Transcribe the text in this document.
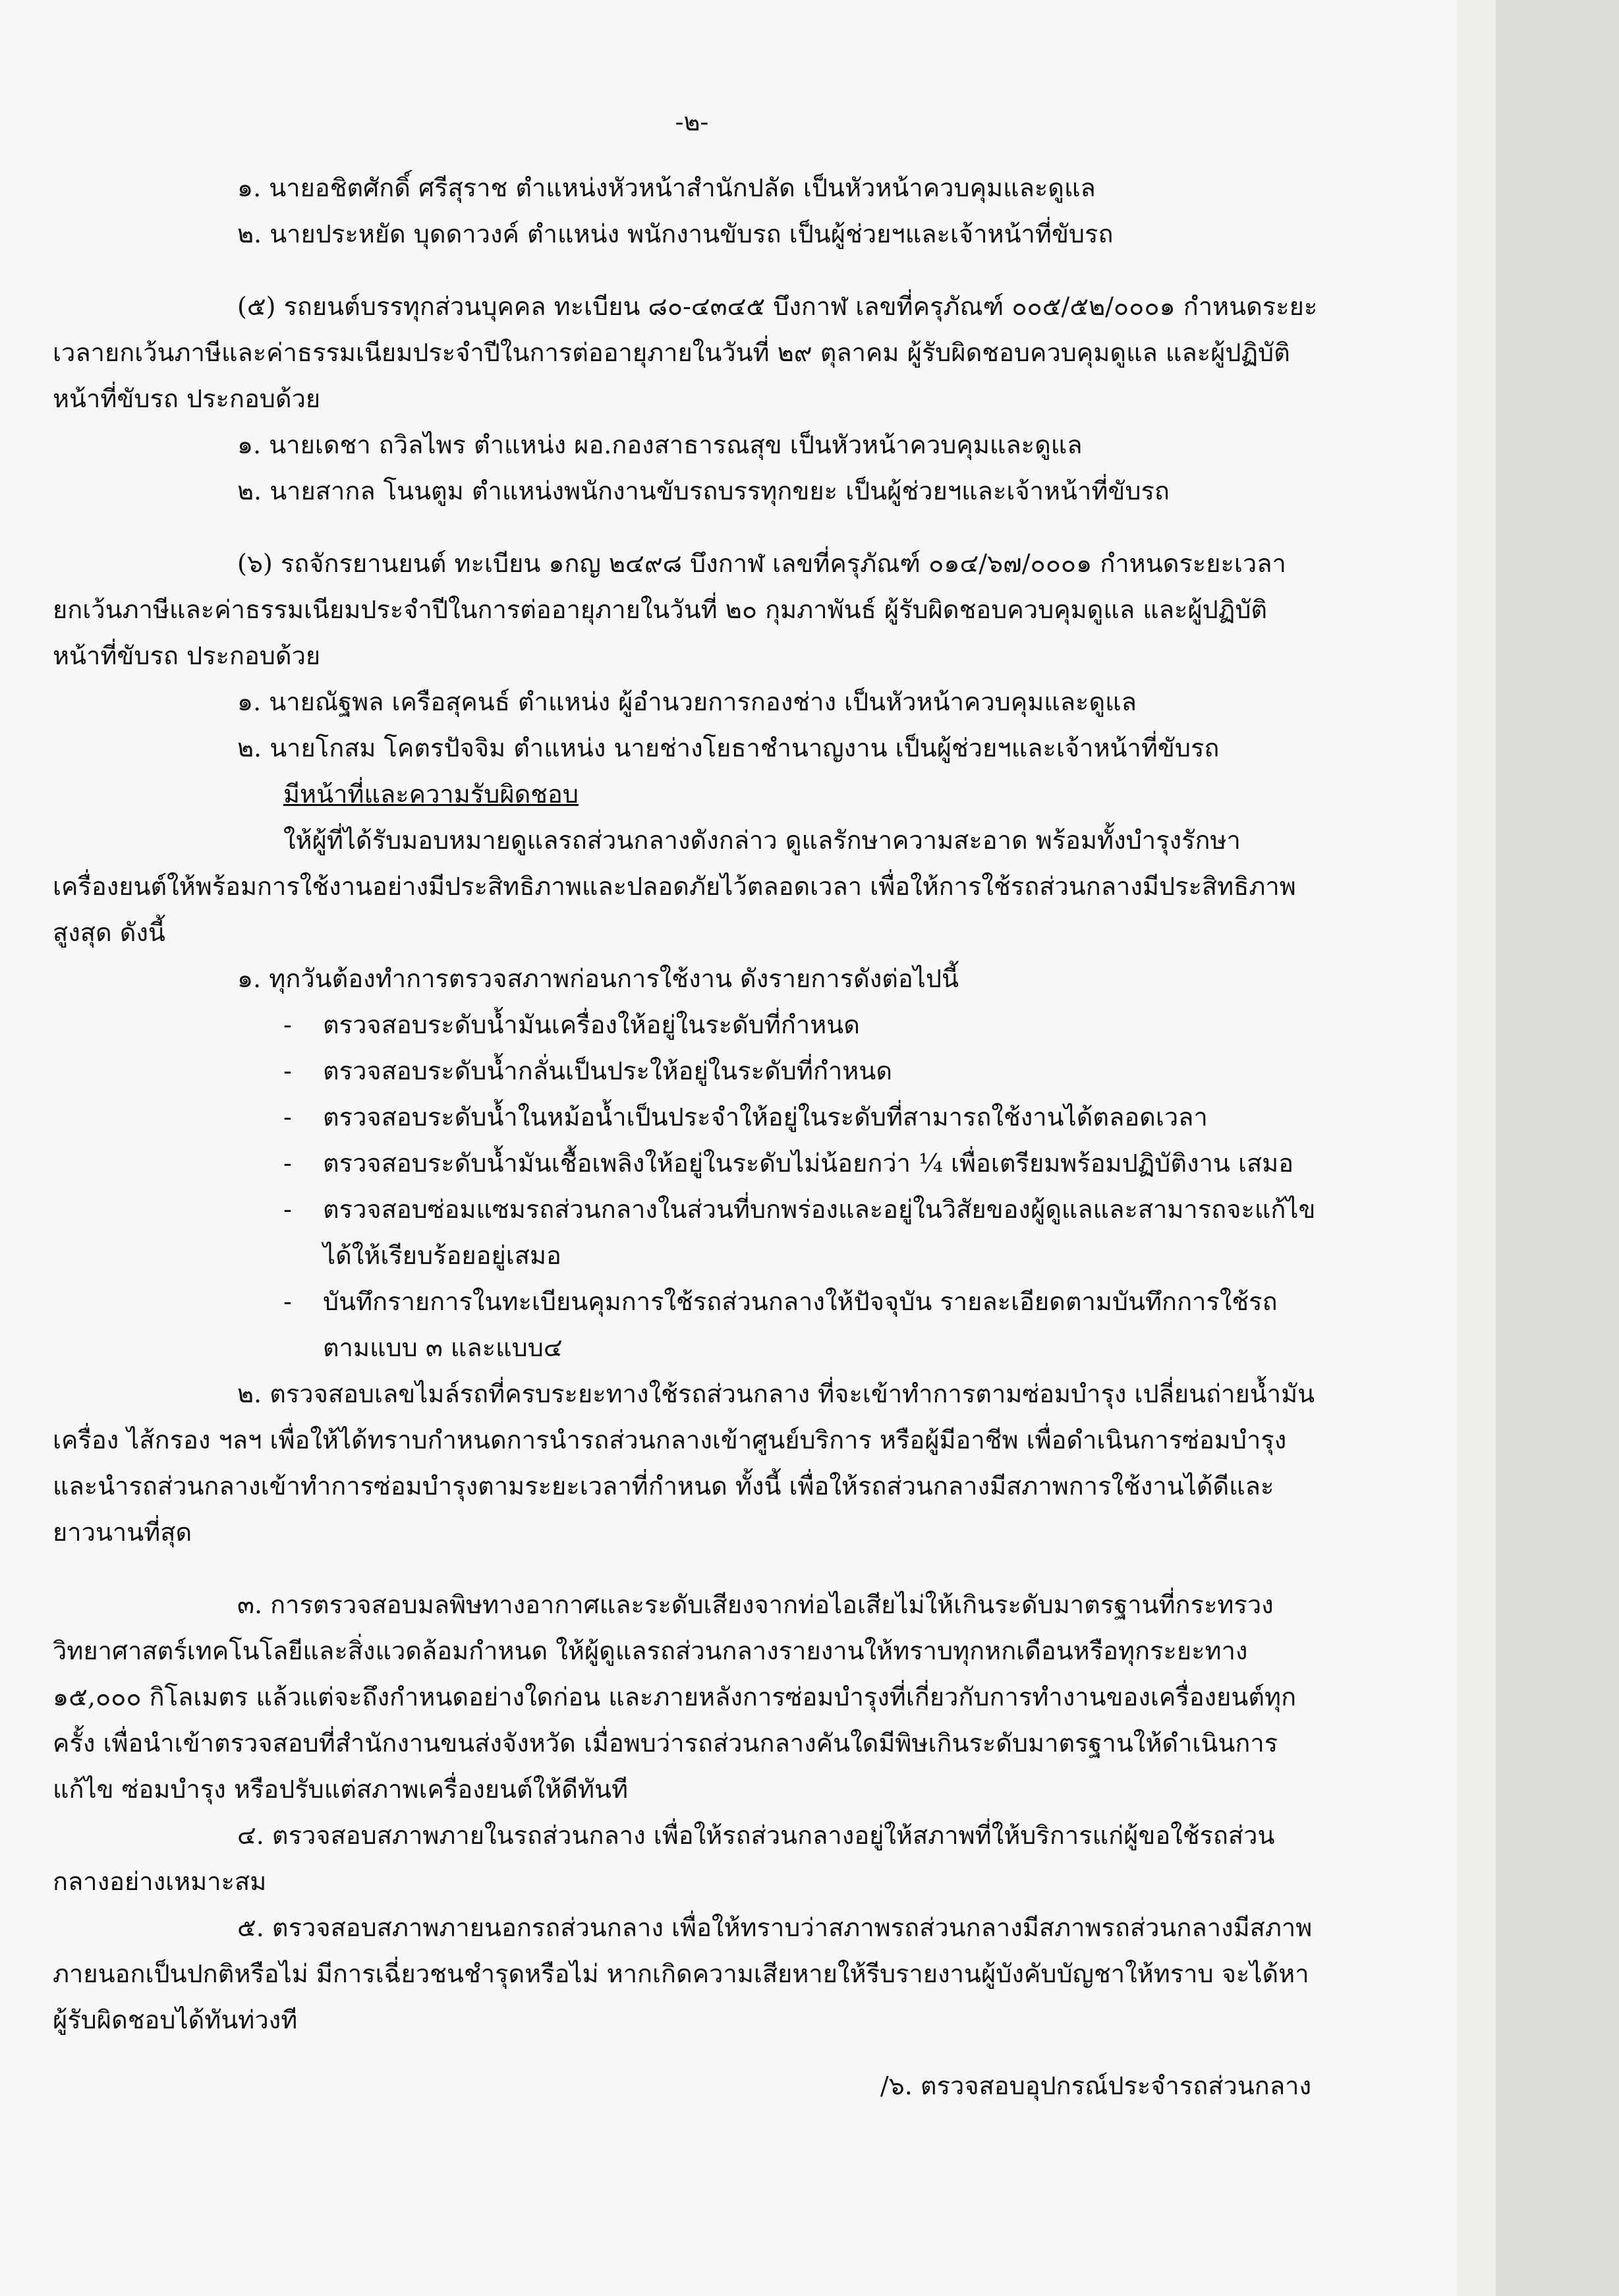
-๒-
๑. นายอชิตศักดิ์ ศรีสุราช ตำแหน่งหัวหน้าสำนักปลัด เป็นหัวหน้าควบคุมและดูแล
๒. นายประหยัด บุดดาวงค์ ตำแหน่ง พนักงานขับรถ เป็นผู้ช่วยฯและเจ้าหน้าที่ขับรถ
(๕) รถยนต์บรรทุกส่วนบุคคล ทะเบียน ๘๐-๔๓๔๕ บึงกาฬ เลขที่ครุภัณฑ์ ๐๐๕/๕๒/๐๐๐๑ กำหนดระยะเวลายกเว้นภาษีและค่าธรรมเนียมประจำปีในการต่ออายุภายในวันที่ ๒๙ ตุลาคม ผู้รับผิดชอบควบคุมดูแล และผู้ปฏิบัติหน้าที่ขับรถ ประกอบด้วย
๑. นายเดชา ถวิลไพร ตำแหน่ง ผอ.กองสาธารณสุข เป็นหัวหน้าควบคุมและดูแล
๒. นายสากล โนนตูม ตำแหน่งพนักงานขับรถบรรทุกขยะ เป็นผู้ช่วยฯและเจ้าหน้าที่ขับรถ
(๖) รถจักรยานยนต์ ทะเบียน ๑กญ ๒๔๙๘ บึงกาฬ เลขที่ครุภัณฑ์ ๐๑๔/๖๗/๐๐๐๑ กำหนดระยะเวลายกเว้นภาษีและค่าธรรมเนียมประจำปีในการต่ออายุภายในวันที่ ๒๐ กุมภาพันธ์ ผู้รับผิดชอบควบคุมดูแล และผู้ปฏิบัติหน้าที่ขับรถ ประกอบด้วย
๑. นายณัฐพล เครือสุคนธ์ ตำแหน่ง ผู้อำนวยการกองช่าง เป็นหัวหน้าควบคุมและดูแล
๒. นายโกสม โคตรปัจจิม ตำแหน่ง นายช่างโยธาชำนาญงาน เป็นผู้ช่วยฯและเจ้าหน้าที่ขับรถ
มีหน้าที่และความรับผิดชอบ
ให้ผู้ที่ได้รับมอบหมายดูแลรถส่วนกลางดังกล่าว ดูแลรักษาความสะอาด พร้อมทั้งบำรุงรักษาเครื่องยนต์ให้พร้อมการใช้งานอย่างมีประสิทธิภาพและปลอดภัยไว้ตลอดเวลา เพื่อให้การใช้รถส่วนกลางมีประสิทธิภาพสูงสุด ดังนี้
๑. ทุกวันต้องทำการตรวจสภาพก่อนการใช้งาน ดังรายการดังต่อไปนี้
-	ตรวจสอบระดับน้ำมันเครื่องให้อยู่ในระดับที่กำหนด
-	ตรวจสอบระดับน้ำกลั่นเป็นประให้อยู่ในระดับที่กำหนด
-	ตรวจสอบระดับน้ำในหม้อน้ำเป็นประจำให้อยู่ในระดับที่สามารถใช้งานได้ตลอดเวลา
-	ตรวจสอบระดับน้ำมันเชื้อเพลิงให้อยู่ในระดับไม่น้อยกว่า ¼ เพื่อเตรียมพร้อมปฏิบัติงาน เสมอ
-	ตรวจสอบซ่อมแซมรถส่วนกลางในส่วนที่บกพร่องและอยู่ในวิสัยของผู้ดูแลและสามารถจะแก้ไขได้ให้เรียบร้อยอยู่เสมอ
-	บันทึกรายการในทะเบียนคุมการใช้รถส่วนกลางให้ปัจจุบัน รายละเอียดตามบันทึกการใช้รถ ตามแบบ ๓ และแบบ๔
๒. ตรวจสอบเลขไมล์รถที่ครบระยะทางใช้รถส่วนกลาง ที่จะเข้าทำการตามซ่อมบำรุง เปลี่ยนถ่ายน้ำมันเครื่อง ไส้กรอง ฯลฯ เพื่อให้ได้ทราบกำหนดการนำรถส่วนกลางเข้าศูนย์บริการ หรือผู้มีอาชีพ เพื่อดำเนินการซ่อมบำรุง และนำรถส่วนกลางเข้าทำการซ่อมบำรุงตามระยะเวลาที่กำหนด ทั้งนี้ เพื่อให้รถส่วนกลางมีสภาพการใช้งานได้ดีและยาวนานที่สุด
๓. การตรวจสอบมลพิษทางอากาศและระดับเสียงจากท่อไอเสียไม่ให้เกินระดับมาตรฐานที่กระทรวงวิทยาศาสตร์เทคโนโลยีและสิ่งแวดล้อมกำหนด ให้ผู้ดูแลรถส่วนกลางรายงานให้ทราบทุกหกเดือนหรือทุกระยะทาง ๑๕,๐๐๐ กิโลเมตร แล้วแต่จะถึงกำหนดอย่างใดก่อน และภายหลังการซ่อมบำรุงที่เกี่ยวกับการทำงานของเครื่องยนต์ทุกครั้ง เพื่อนำเข้าตรวจสอบที่สำนักงานขนส่งจังหวัด เมื่อพบว่ารถส่วนกลางคันใดมีพิษเกินระดับมาตรฐานให้ดำเนินการแก้ไข ซ่อมบำรุง หรือปรับแต่สภาพเครื่องยนต์ให้ดีทันที
๔. ตรวจสอบสภาพภายในรถส่วนกลาง เพื่อให้รถส่วนกลางอยู่ให้สภาพที่ให้บริการแก่ผู้ขอใช้รถส่วนกลางอย่างเหมาะสม
๕. ตรวจสอบสภาพภายนอกรถส่วนกลาง เพื่อให้ทราบว่าสภาพรถส่วนกลางมีสภาพรถส่วนกลางมีสภาพภายนอกเป็นปกติหรือไม่ มีการเฉี่ยวชนชำรุดหรือไม่ หากเกิดความเสียหายให้รีบรายงานผู้บังคับบัญชาให้ทราบ จะได้หาผู้รับผิดชอบได้ทันท่วงที
/๖. ตรวจสอบอุปกรณ์ประจำรถส่วนกลาง
